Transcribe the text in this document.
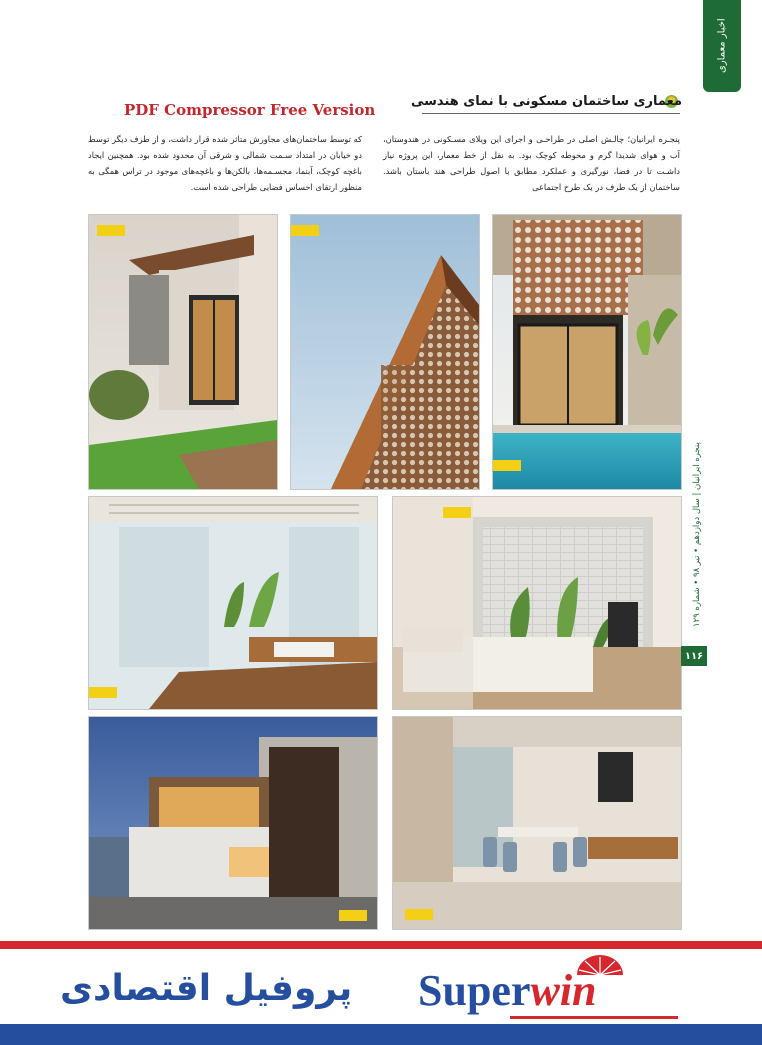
اخبار معماری
PDF Compressor Free Version	معماری ساختمان مسکونی با نمای هندسی
پنجـره ایرانیان؛ چالـش اصلی در طراحـی و اجرای این ویلای مسـکونی در هندوستان، آب و هوای شدیدا گرم و محوطه کوچک بود. به نقل از خط معمار، این پروژه نیاز داشـت تا در فضا، نورگیری و عملکرد مطابق با اصول طراحی هند باستان باشد. ساختمان از یک طرف در یک طرح اجتماعی
که توسط ساختمان‌های مجاورش متاثر شده قرار داشت، و از طرف دیگر توسط دو خیابان در امتداد سـمت شمالی و شرقی آن محدود شده بود. همچنین ایجاد باغچه کوچک، آبنما، مجسـمه‌ها، بالکن‌ها و باغچه‌های موجود در تراس همگی به منظور ارتقای احساس فضایی طراحی شده است.
پنجره ایرانیان | سال دوازدهم • تیر ۹۸ • شماره ۱۲۹
۱۱۶
پروفیل اقتصادی Superwin
